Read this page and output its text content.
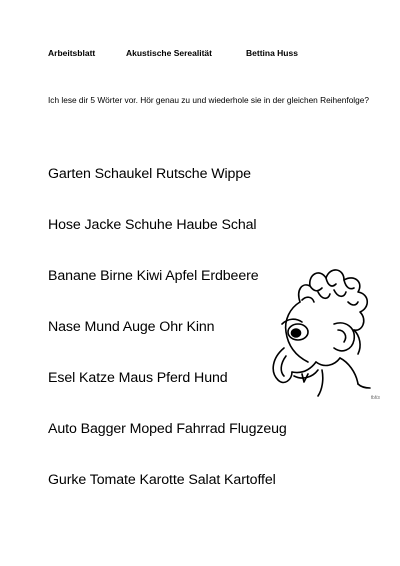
Arbeitsblatt	Akustische Serealität	Bettina Huss
Ich lese dir 5 Wörter vor. Hör genau zu und wiederhole sie in der gleichen Reihenfolge?
Garten Schaukel Rutsche Wippe
Hose Jacke Schuhe Haube Schal
Banane Birne Kiwi Apfel Erdbeere
Nase Mund Auge Ohr Kinn
Esel Katze Maus Pferd Hund
Auto Bagger Moped Fahrrad Flugzeug
Gurke Tomate Karotte Salat Kartoffel
fbf/3
